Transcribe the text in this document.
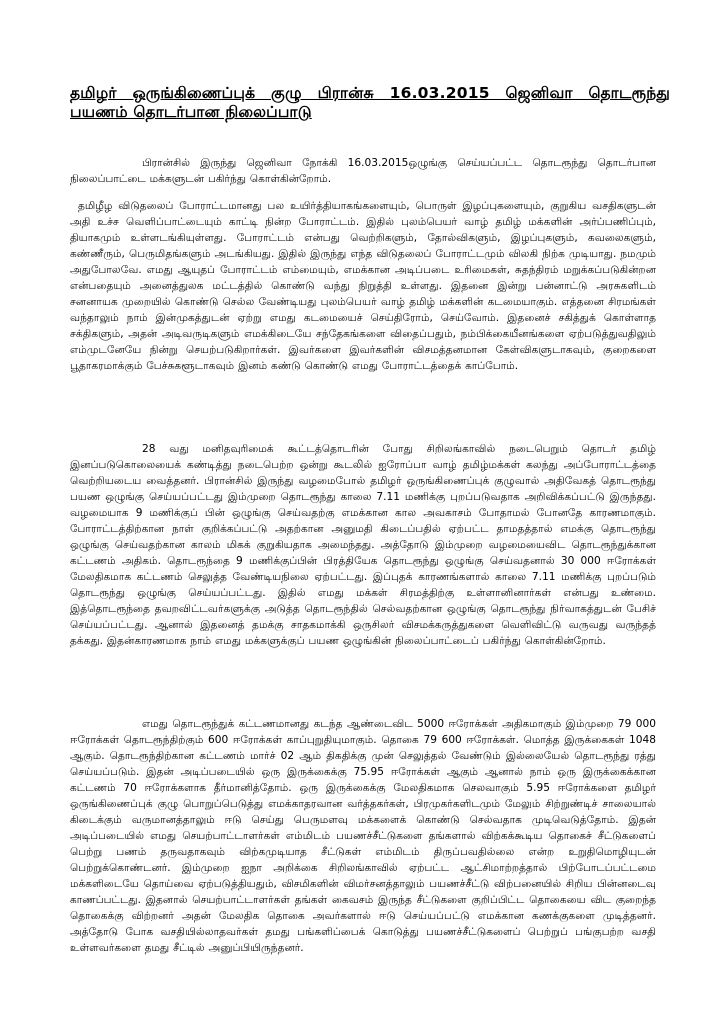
தமிழர் ஒருங்கிணைப்புக் குழு பிரான்சு 16.03.2015 ஜெனிவா தொடரூந்து பயணம் தொடர்பான நிலைப்பாடு

பிரான்சில் இருந்து ஜெனிவா நோக்கி 16.03.2015ஒழுங்கு செய்யப்பட்ட தொடரூந்து தொடர்பான நிலைப்பாட்டை மக்களுடன் பகிர்ந்து கொள்கின்றோம்.

தமிழீழ விடுதலைப் போராட்டமானது பல உயிர்த்தியாகங்களையும், பொருள் இழப்புகளையும், குறுகிய வசதிகளுடன் அதி உச்ச வெளிப்பாட்டையும் காட்டி நின்ற போராட்டம். இதில் புலம்பெயர் வாழ் தமிழ் மக்களின் அர்ப்பணிப்பும், தியாகமும் உள்ளடங்கியுள்ளது. போராட்டம் என்பது வெற்றிகளும், தோல்விகளும், இழப்புகளும், கவலைகளும், கண்ணீரும், பெருமிதங்களும் அடங்கியது. இதில் இருந்து எந்த விடுதலைப் போராட்டமும் விலகி நிற்க முடியாது. நமமும் அதுபோலவே. எமது ஆயுதப் போராட்டம் எம்மையும், எமக்கான அடிப்படை உரிமைகள், சுதந்திரம் மறுக்கப்படுகின்றன என்பதையும் அனைத்துலக மட்டத்தில் கொண்டு வந்து நிறுத்தி உள்ளது. இதனை இன்று பன்னாட்டு அரசுகளிடம் சனனாயக முறையில் கொண்டு செல்ல வேண்டியது புலம்பெயர் வாழ் தமிழ் மக்களின் கடமையாகும். எத்தனை சிரமங்கள் வந்தாலும் நாம் இன்முகத்துடன் ஏற்று எமது கடமையைச் செய்திரோம், செய்வோம். இதனைச் சகித்துக் கொள்ளாத சக்திகளும், அதன் அடிவருடிகளும் எமக்கிடையே சந்தேகங்களை விதைப்பதும், நம்பிக்கையீனங்களை ஏற்படுத்துவதிலும் எம்முடனேயே நின்று செயற்படுகிறார்கள். இவர்களை இவர்களின் விசமத்தனமான கேள்விகளுடாகவும், குறைகளை பூதாகரமாக்கும் பேச்சுகளூடாகவும் இனம் கண்டு கொண்டு எமது போராட்டத்தைக் காப்போம்.

28 வது மனிதவுரிமைக் கூட்டத்தொடரின் போது சிறிலங்காவில் நடைபெறும் தொடர் தமிழ் இனப்படுகொலையைக் கண்டித்து நடைபெற்ற ஒன்று கூடலில் ஐரோப்பா வாழ் தமிழ்மக்கள் கலந்து அப்போராட்டத்தை வெற்றியடைய வைத்தனர். பிரான்சில் இருந்து வழமைபோல் தமிழர் ஒருங்கிணைப்புக் குழுவால் அதிவேகத் தொடரூந்து பயண ஒழுங்கு செய்யப்பட்டது இம்முறை தொடரூந்து காலை 7.11 மணிக்கு புறப்படுவதாக அறிவிக்கப்பட்டு இருந்தது. வழமையாக 9 மணிக்குப் பின் ஒழுங்கு செய்வதற்கு எமக்கான கால அவகாசம் போதாமல் போனதே காரணமாகும். போராட்டத்திற்கான நாள் குறிக்கப்பட்டு அதற்கான அனுமதி கிடைப்பதில் ஏற்பட்ட தாமதத்தால் எமக்கு தொடரூந்து ஒழுங்கு செய்வதற்கான காலம் மிகக் குறுகியதாக அமைந்தது. அத்தோடு இம்முறை வழமையைவிட தொடரூந்துக்கான கட்டணம் அதிகம். தொடரூந்தை 9 மணிக்குப்பின் பிரத்தியேக தொடரூந்து ஒழுங்கு செய்வதனால் 30 000 ஈரோக்கள் மேலதிகமாக கட்டணம் செலுத்த வேண்டியநிலை ஏற்பட்டது. இப்புதக் காரணங்களால் காலை 7.11 மணிக்கு புறப்படும் தொடரூந்து ஒழுங்கு செய்யப்பட்டது. இதில் எமது மக்கள் சிரமத்திற்கு உள்ளானினார்கள் என்பது உண்மை. இத்தொடரூந்தை தவறவிட்டவர்களுக்கு அடுத்த தொடரூந்தில் செல்வதற்கான ஒழுங்கு தொடரூந்து நிர்வாகத்துடன் பேசிச் செய்யப்பட்டது. ஆனால் இதனைத் தமக்கு சாதகமாக்கி ஒருசிலர் விசமக்கருத்துகளை வெளிவிட்டு வருவது வருந்தத் தக்கது. இதன்காரணமாக நாம் எமது மக்களுக்குப் பயண ஒழுங்கின் நிலைப்பாட்டைப் பகிர்ந்து கொள்கின்றோம்.

எமது தொடரூந்துக் கட்டணமானது கடந்த ஆண்டைவிட 5000 ஈரோக்கள் அதிகமாகும் இம்முறை 79 000 ஈரோக்கள் தொடரூந்திற்கும் 600 ஈரோக்கள் காப்புறுதியுமாகும். தொகை 79 600 ஈரோக்கள். மொத்த இருக்கைகள் 1048 ஆகும். தொடரூந்திற்கான கட்டணம் மார்ச் 02 ஆம் திகதிக்கு முன் செலுத்தல் வேண்டும் இல்லையேல் தொடரூந்து ரத்து செய்யப்படும். இதன் அடிப்படையில் ஒரு இருக்கைக்கு 75.95 ஈரோக்கள் ஆகும் ஆனால் நாம் ஒரு இருக்கைக்கான கட்டணம் 70 ஈரோக்களாக தீர்மானித்தோம். ஒரு இருக்கைக்கு மேலதிகமாக செலவாகும் 5.95 ஈரோக்களை தமிழர் ஒருங்கிணைப்புக் குழு பொறுப்பெடுத்து எமக்காதரவான வர்த்தகர்கள், பிரமுகர்களிடமும் மேலும் சிற்றுண்டிச் சாலையால் கிடைக்கும் வருமானத்தாலும் ஈடு செய்து பெருமளவு மக்களைக் கொண்டு செல்வதாக முடிவெடுத்தோம். இதன் அடிப்படையில் எமது செயற்பாட்டாளர்கள் எம்மிடம் பயணச்சீட்டுகளை தங்களால் விற்கக்கூடிய தொகைச் சீட்டுகளைப் பெற்று பணம் தருவதாகவும் விற்கமுடியாத சீட்டுகள் எம்மிடம் திருப்பவதில்லை என்ற உறுதிமொழியுடன் பெற்றுக்கொண்டனர். இம்முறை ஐநா அறிக்கை சிறிலங்காவில் ஏற்பட்ட ஆட்சிமாற்றத்தால் பிற்போடப்பட்டமை மக்களிடையே தொய்வை ஏற்படுத்தியதும், விசமிகளின் விமர்சனத்தாலும் பயணச்சீட்டு விற்பனையில் சிறிய பின்னடைவு காணப்பட்டது. இதனால் செயற்பாட்டாளர்கள் தங்கள் கைவசம் இருந்த சீட்டுகளை குறிப்பிட்ட தொகையை விட குறைந்த தொகைக்கு விற்றனர் அதன் மேலதிக தொகை அவர்களால் ஈடு செய்யப்பட்டு எமக்கான கணக்குகளை முடித்தனர். அத்தோடு போக வசதியில்லாதவர்கள் தமது பங்களிப்பைக் கொடுத்து பயணச்சீட்டுகளைப் பெற்றுப் பங்குபற்ற வசதி உள்ளவர்களை தமது சீட்டில் அனுப்பியிருந்தனர்.
